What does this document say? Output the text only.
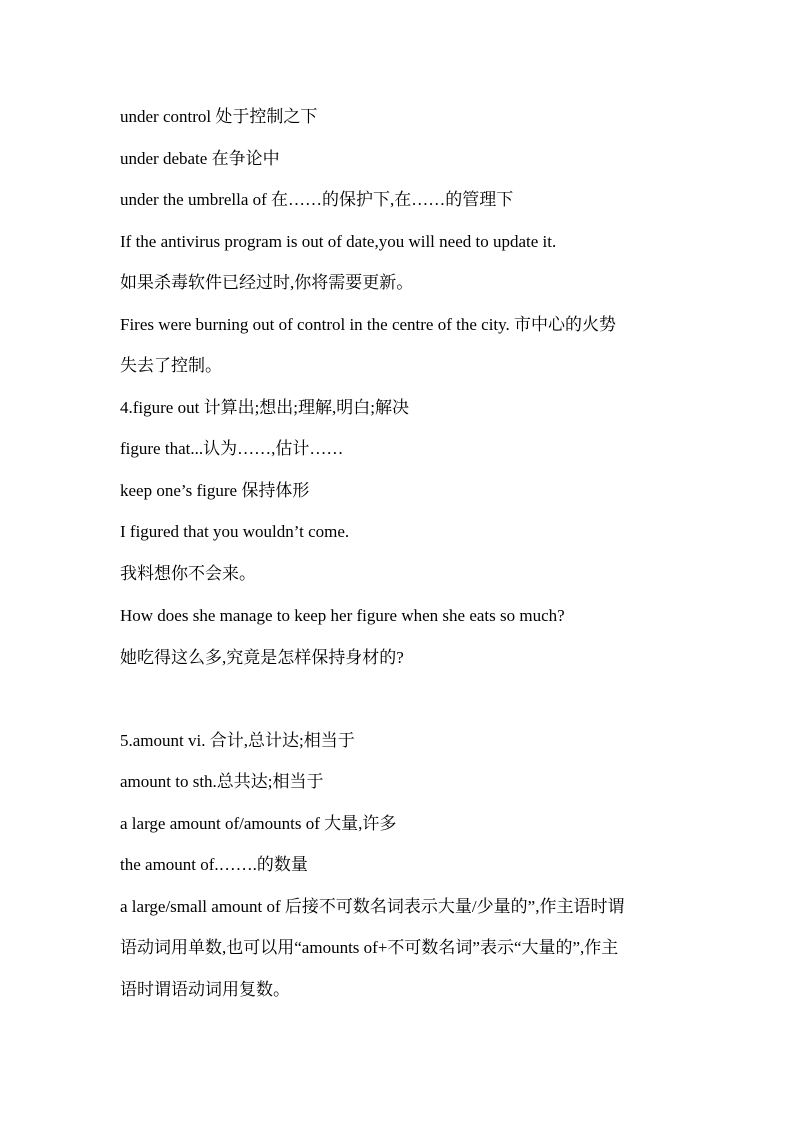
under control 处于控制之下
under debate 在争论中
under the umbrella of 在……的保护下,在……的管理下
If the antivirus program is out of date,you will need to update it.
如果杀毒软件已经过时,你将需要更新。
Fires were burning out of control in the centre of the city. 市中心的火势
失去了控制。
4.figure out 计算出;想出;理解,明白;解决
figure that...认为……,估计……
keep one’s figure 保持体形
I figured that you wouldn’t come.
我料想你不会来。
How does she manage to keep her figure when she eats so much?
她吃得这么多,究竟是怎样保持身材的?
5.amount vi. 合计,总计达;相当于
amount to sth.总共达;相当于
a large amount of/amounts of 大量,许多
the amount of.…….的数量
a large/small amount of 后接不可数名词表示大量/少量的”,作主语时谓
语动词用单数,也可以用“amounts of+不可数名词”表示“大量的”,作主
语时谓语动词用复数。
